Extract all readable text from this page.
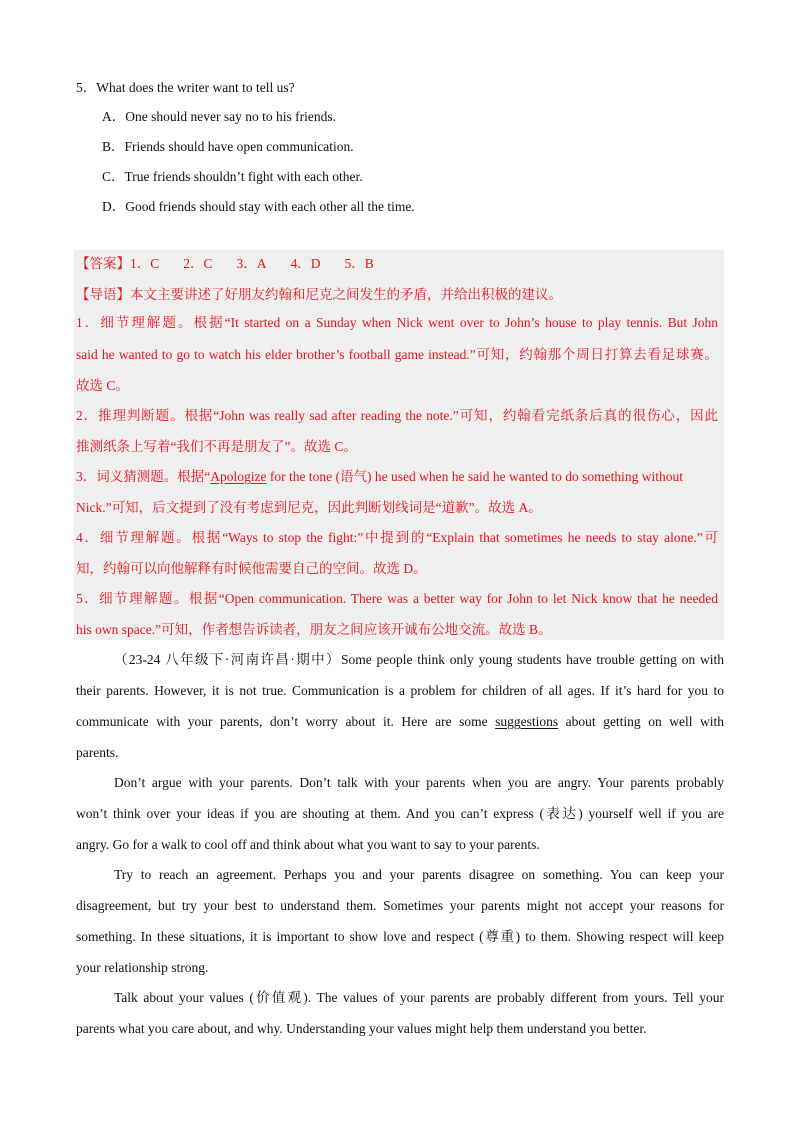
5．What does the writer want to tell us?
A．One should never say no to his friends.
B．Friends should have open communication.
C．True friends shouldn’t fight with each other.
D．Good friends should stay with each other all the time.
【答案】1．C 2．C 3．A 4．D 5．B
【导语】本文主要讲述了好朋友约翰和尼克之间发生的矛盾，并给出积极的建议。
1．细节理解题。根据“It started on a Sunday when Nick went over to John’s house to play tennis. But John
said he wanted to go to watch his elder brother’s football game instead.”可知，约翰那个周日打算去看足球赛。
故选 C。
2．推理判断题。根据“John was really sad after reading the note.”可知，约翰看完纸条后真的很伤心，因此
推测纸条上写着“我们不再是朋友了”。故选 C。
3．词义猜测题。根据“Apologize for the tone (语气) he used when he said he wanted to do something without
Nick.”可知，后文提到了没有考虑到尼克，因此判断划线词是“道歉”。故选 A。
4．细节理解题。根据“Ways to stop the fight:”中提到的“Explain that sometimes he needs to stay alone.”可
知，约翰可以向他解释有时候他需要自己的空间。故选 D。
5．细节理解题。根据“Open communication. There was a better way for John to let Nick know that he needed
his own space.”可知，作者想告诉读者，朋友之间应该开诚布公地交流。故选 B。
（23-24 八年级下·河南许昌·期中）Some people think only young students have trouble getting on with
their parents. However, it is not true. Communication is a problem for children of all ages. If it’s hard for you to
communicate with your parents, don’t worry about it. Here are some suggestions about getting on well with
parents.
Don’t argue with your parents. Don’t talk with your parents when you are angry. Your parents probably
won’t think over your ideas if you are shouting at them. And you can’t express (表达) yourself well if you are
angry. Go for a walk to cool off and think about what you want to say to your parents.
Try to reach an agreement. Perhaps you and your parents disagree on something. You can keep your
disagreement, but try your best to understand them. Sometimes your parents might not accept your reasons for
something. In these situations, it is important to show love and respect (尊重) to them. Showing respect will keep
your relationship strong.
Talk about your values (价值观). The values of your parents are probably different from yours. Tell your
parents what you care about, and why. Understanding your values might help them understand you better.
